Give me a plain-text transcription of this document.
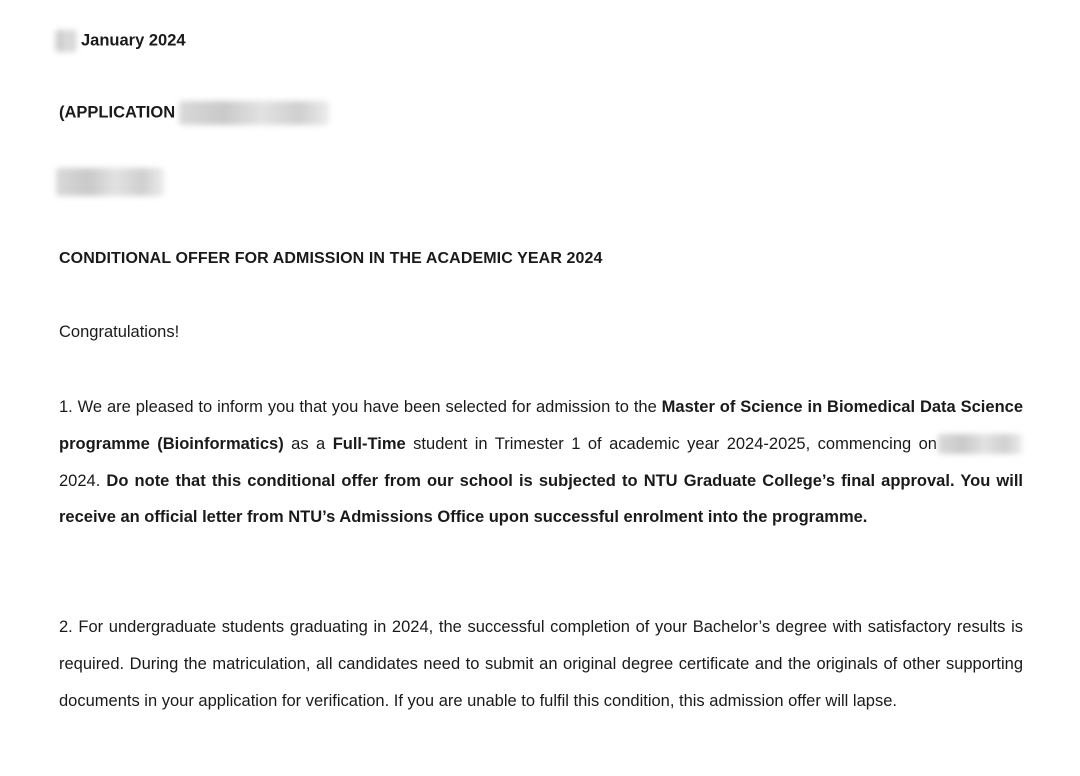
January 2024
(APPLICATION
CONDITIONAL OFFER FOR ADMISSION IN THE ACADEMIC YEAR 2024
Congratulations!
1. We are pleased to inform you that you have been selected for admission to the Master of Science in Biomedical Data Science programme (Bioinformatics) as a Full-Time student in Trimester 1 of academic year 2024-2025, commencing on2024. Do note that this conditional offer from our school is subjected to NTU Graduate College’s final approval. You will receive an official letter from NTU’s Admissions Office upon successful enrolment into the programme.
2. For undergraduate students graduating in 2024, the successful completion of your Bachelor’s degree with satisfactory results is required. During the matriculation, all candidates need to submit an original degree certificate and the originals of other supporting documents in your application for verification. If you are unable to fulfil this condition, this admission offer will lapse.
